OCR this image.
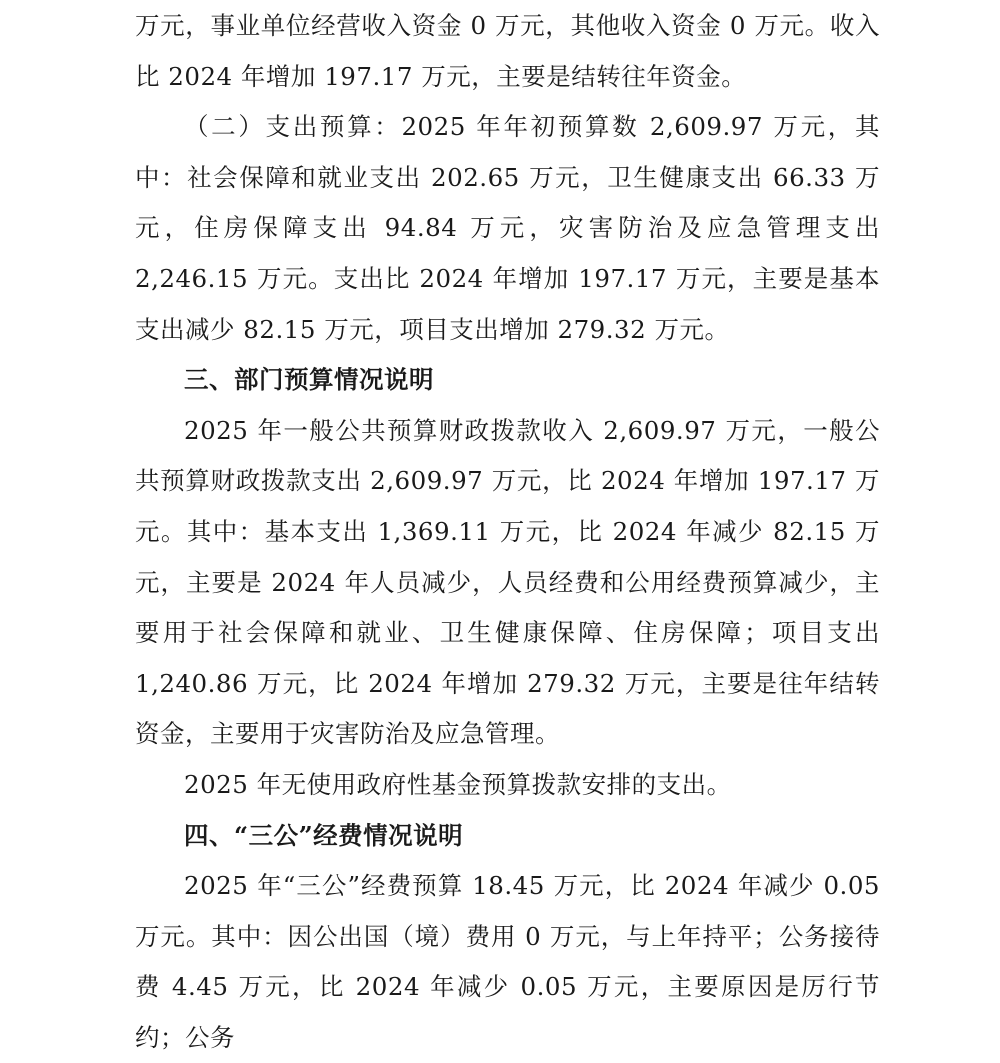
万元，事业单位经营收入资金 0 万元，其他收入资金 0 万元。收入比 2024 年增加 197.17 万元，主要是结转往年资金。

（二）支出预算：2025 年年初预算数 2,609.97 万元，其中：社会保障和就业支出 202.65 万元，卫生健康支出 66.33 万元，住房保障支出 94.84 万元，灾害防治及应急管理支出 2,246.15 万元。支出比 2024 年增加 197.17 万元，主要是基本支出减少 82.15 万元，项目支出增加 279.32 万元。

三、部门预算情况说明

2025 年一般公共预算财政拨款收入 2,609.97 万元，一般公共预算财政拨款支出 2,609.97 万元，比 2024 年增加 197.17 万元。其中：基本支出 1,369.11 万元，比 2024 年减少 82.15 万元，主要是 2024 年人员减少，人员经费和公用经费预算减少，主要用于社会保障和就业、卫生健康保障、住房保障；项目支出 1,240.86 万元，比 2024 年增加 279.32 万元，主要是往年结转资金，主要用于灾害防治及应急管理。

2025 年无使用政府性基金预算拨款安排的支出。

四、“三公”经费情况说明

2025 年“三公”经费预算 18.45 万元，比 2024 年减少 0.05 万元。其中：因公出国（境）费用 0 万元，与上年持平；公务接待费 4.45 万元，比 2024 年减少 0.05 万元，主要原因是厉行节约；公务
